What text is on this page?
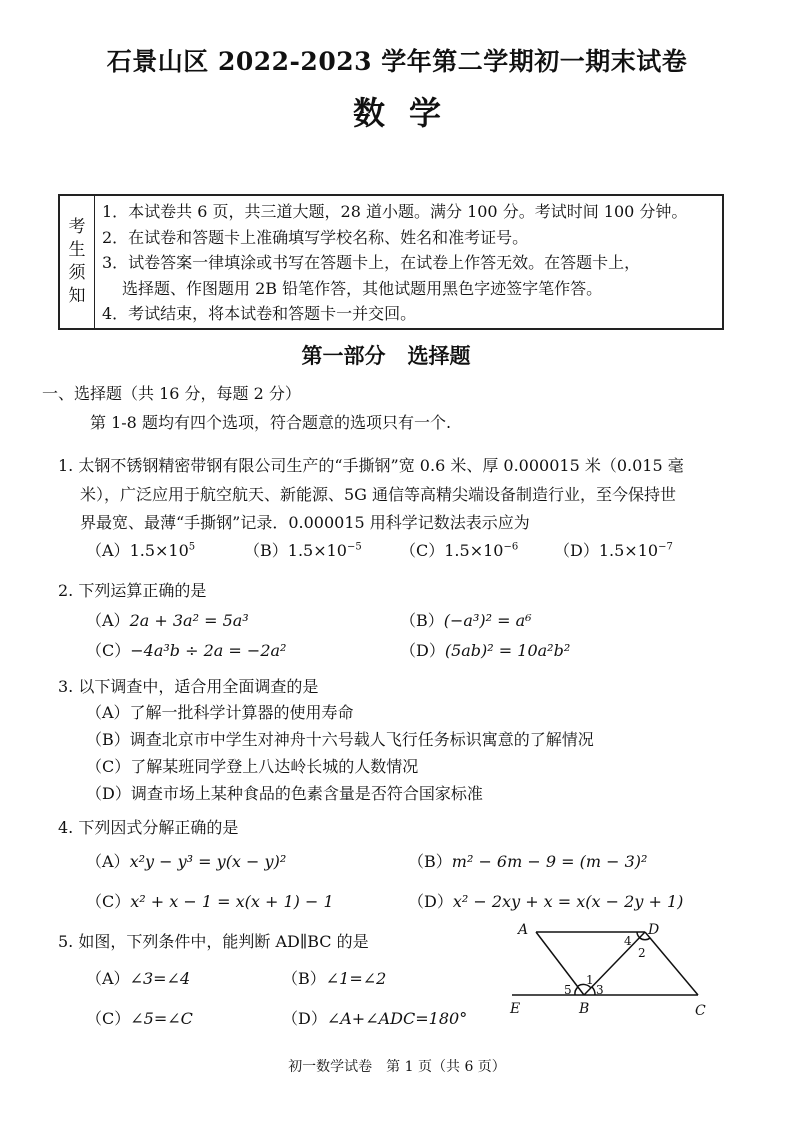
石景山区 2022-2023 学年第二学期初一期末试卷
数学
考
生
须
知
1．本试卷共 6 页，共三道大题，28 道小题。满分 100 分。考试时间 100 分钟。
2．在试卷和答题卡上准确填写学校名称、姓名和准考证号。
3．试卷答案一律填涂或书写在答题卡上，在试卷上作答无效。在答题卡上，
选择题、作图题用 2B 铅笔作答，其他试题用黑色字迹签字笔作答。
4．考试结束，将本试卷和答题卡一并交回。
第一部分 选择题
一、选择题（共 16 分，每题 2 分）
第 1-8 题均有四个选项，符合题意的选项只有一个.
1. 太钢不锈钢精密带钢有限公司生产的“手撕钢”宽 0.6 米、厚 0.000015 米（0.015 毫
米），广泛应用于航空航天、新能源、5G 通信等高精尖端设备制造行业，至今保持世
界最宽、最薄“手撕钢”记录．0.000015 用科学记数法表示应为
$(A)1.5\times 10^5$	$(B)1.5\times 10^{-5}$ $(C)1.5\times 10^{-6}$ $(D)1.5\times 10^{-7}$
2. 下列运算正确的是
（A）2a + 3a² = 5a³	（B）(−a³)² = a⁶
（C）−4a³b ÷ 2a = −2a²	（D）(5ab)² = 10a²b²
3. 以下调查中，适合用全面调查的是
（A）了解一批科学计算器的使用寿命
（B）调查北京市中学生对神舟十六号载人飞行任务标识寓意的了解情况
（C）了解某班同学登上八达岭长城的人数情况
（D）调查市场上某种食品的色素含量是否符合国家标准
4. 下列因式分解正确的是
（A）x²y − y³ = y(x − y)²	（B）m² − 6m − 9 = (m − 3)²
（C）x² + x − 1 = x(x + 1) − 1	（D）x² − 2xy + x = x(x − 2y + 1)
5. 如图，下列条件中，能判断 AD∥BC 的是
（A）∠3=∠4	（B）∠1=∠2
（C）∠5=∠C	（D）∠A+∠ADC=180°
A	D
E	B	C
1
2
3
4
5
初一数学试卷　第 1 页（共 6 页）
